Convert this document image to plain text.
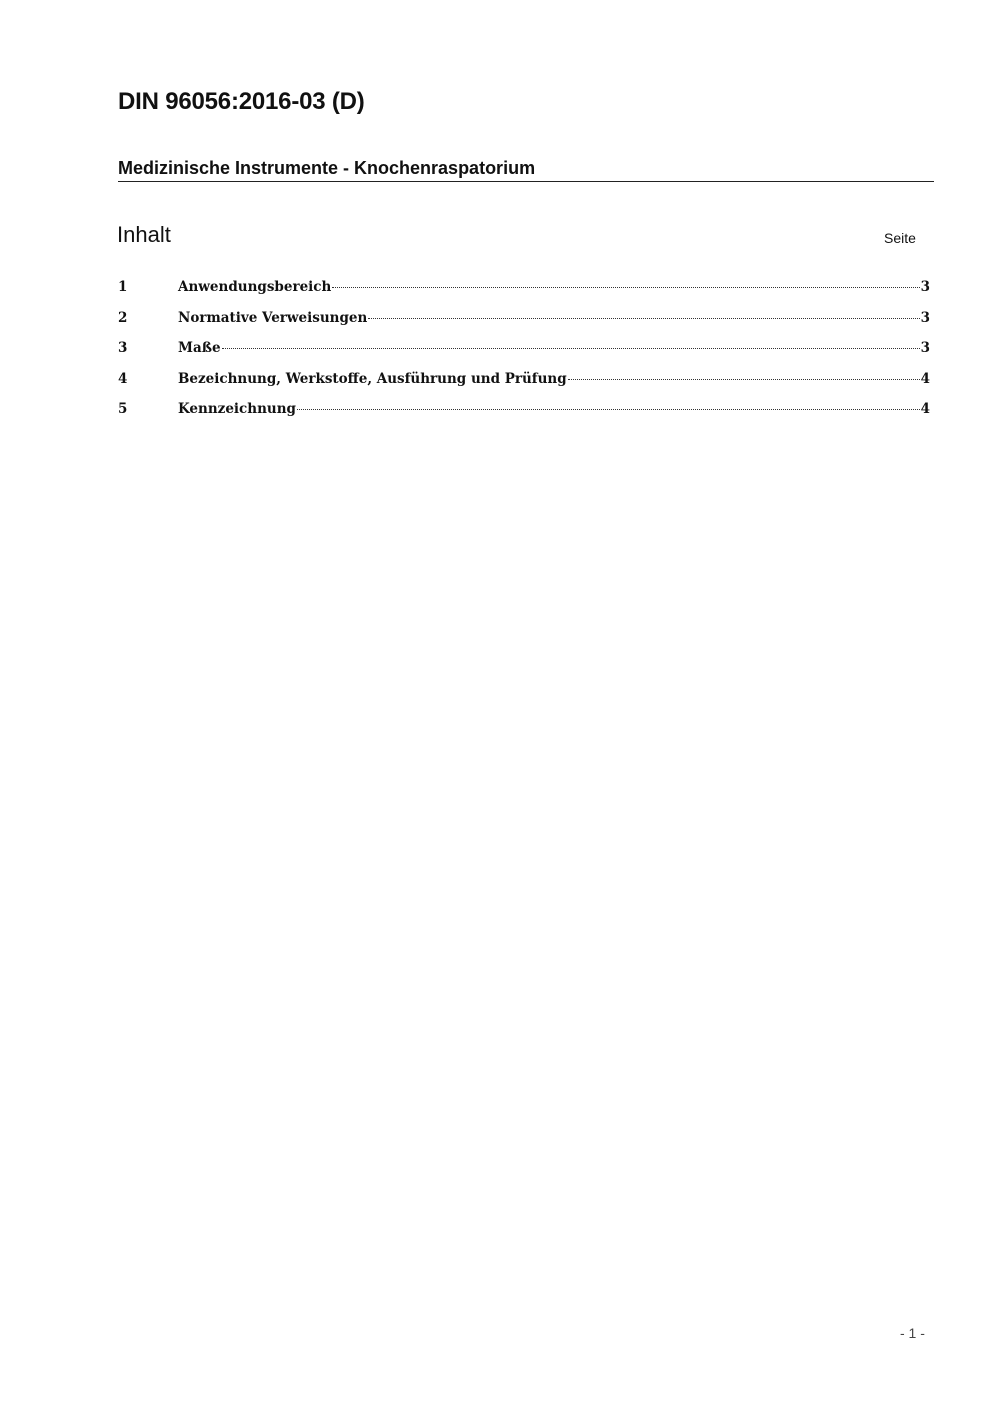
DIN 96056:2016-03 (D)
Medizinische Instrumente - Knochenraspatorium
Inhalt	Seite
1	Anwendungsbereich	3
2	Normative Verweisungen	3
3	Maße	3
4	Bezeichnung, Werkstoffe, Ausführung und Prüfung	4
5	Kennzeichnung	4
- 1 -
